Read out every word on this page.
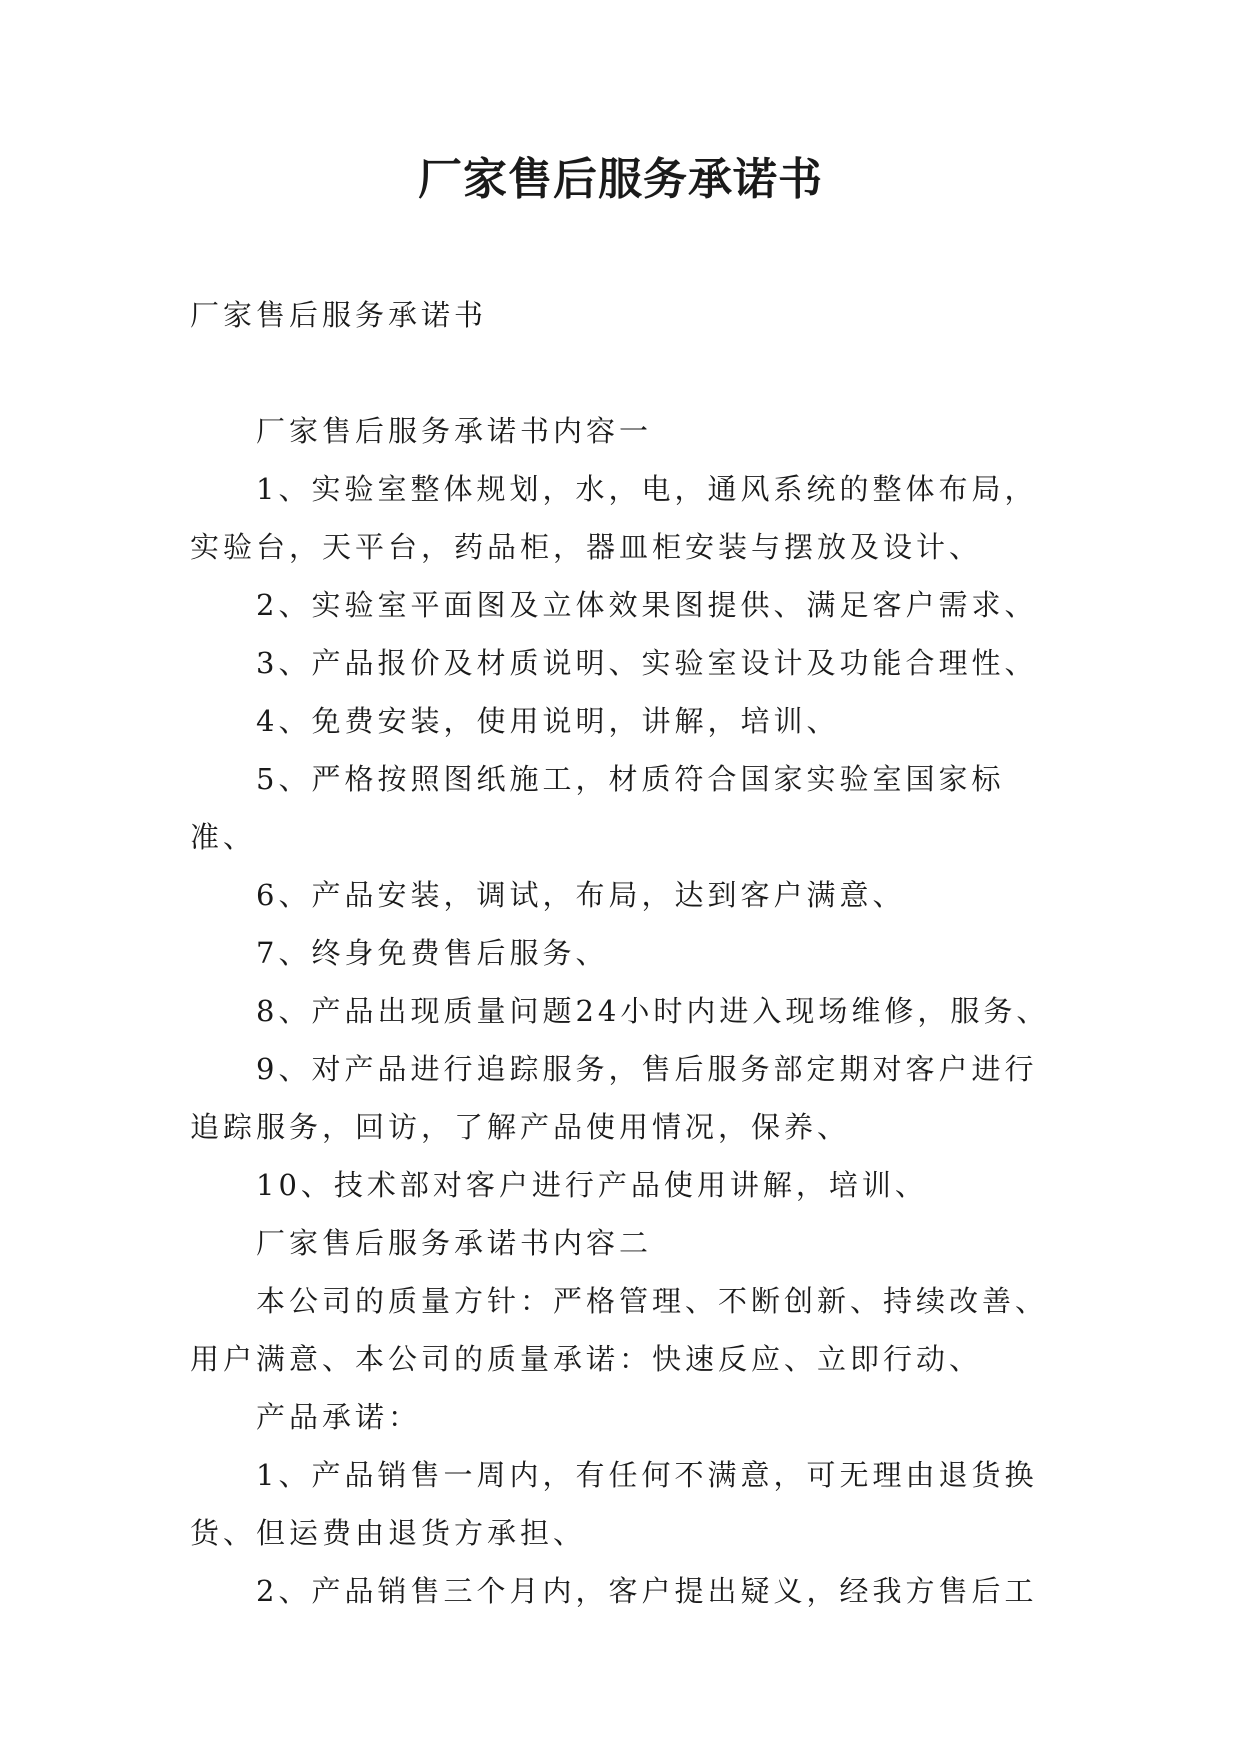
厂家售后服务承诺书

厂家售后服务承诺书

厂家售后服务承诺书内容一

1、实验室整体规划，水，电，通风系统的整体布局，实验台，天平台，药品柜，器皿柜安装与摆放及设计、

2、实验室平面图及立体效果图提供、满足客户需求、

3、产品报价及材质说明、实验室设计及功能合理性、

4、免费安装，使用说明，讲解，培训、

5、严格按照图纸施工，材质符合国家实验室国家标准、

6、产品安装，调试，布局，达到客户满意、

7、终身免费售后服务、

8、产品出现质量问题24小时内进入现场维修，服务、

9、对产品进行追踪服务，售后服务部定期对客户进行追踪服务，回访，了解产品使用情况，保养、

10、技术部对客户进行产品使用讲解，培训、

厂家售后服务承诺书内容二

本公司的质量方针：严格管理、不断创新、持续改善、用户满意、本公司的质量承诺：快速反应、立即行动、

产品承诺：

1、产品销售一周内，有任何不满意，可无理由退货换货、但运费由退货方承担、

2、产品销售三个月内，客户提出疑义，经我方售后工
